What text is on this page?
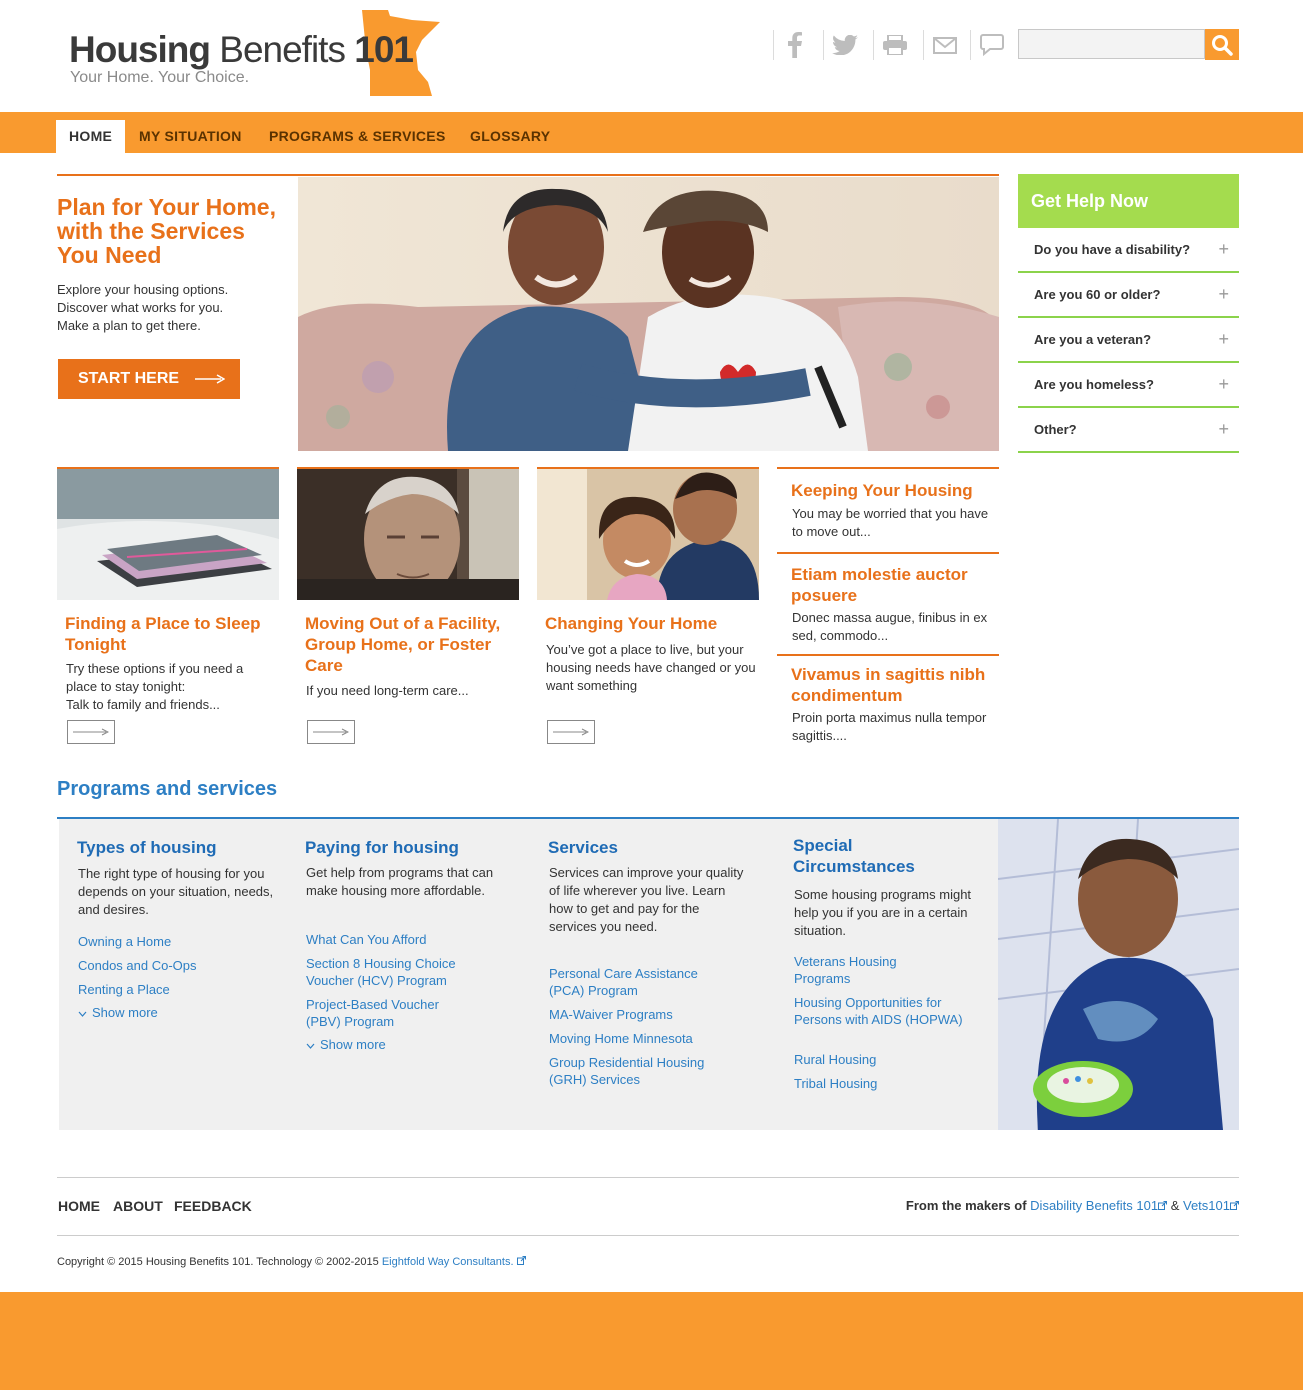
Housing Benefits 101
Your Home. Your Choice.
HOME	MY SITUATION	PROGRAMS & SERVICES	GLOSSARY
Plan for Your Home, with the Services You Need
Explore your housing options.
Discover what works for you.
Make a plan to get there.
START HERE
Get Help Now
Do you have a disability? +
Are you 60 or older?	+
Are you a veteran?	+
Are you homeless?	+
Other?	+
Finding a Place to Sleep Tonight
Try these options if you need a place to stay tonight:
Talk to family and friends...
Moving Out of a Facility, Group Home, or Foster Care
If you need long-term care...
Changing Your Home
You’ve got a place to live, but your housing needs have changed or you want something
Keeping Your Housing
You may be worried that you have to move out...
Etiam molestie auctor posuere
Donec massa augue, finibus in ex sed, commodo...
Vivamus in sagittis nibh condimentum
Proin porta maximus nulla tempor sagittis....
Programs and services
Types of housing
The right type of housing for you depends on your situation, needs, and desires.
Owning a Home
Condos and Co-Ops
Renting a Place
Show more
Paying for housing
Get help from programs that can make housing more affordable.
What Can You Afford
Section 8 Housing Choice Voucher (HCV) Program
Project-Based Voucher (PBV) Program
Show more
Services
Services can improve your quality of life wherever you live. Learn how to get and pay for the services you need.
Personal Care Assistance (PCA) Program
MA-Waiver Programs
Moving Home Minnesota
Group Residential Housing (GRH) Services
Special Circumstances
Some housing programs might help you if you are in a certain situation.
Veterans Housing Programs
Housing Opportunities for Persons with AIDS (HOPWA)
Rural Housing
Tribal Housing
HOME ABOUT FEEDBACK	From the makers of Disability Benefits 101 & Vets101
Copyright © 2015 Housing Benefits 101. Technology © 2002-2015 Eightfold Way Consultants.
